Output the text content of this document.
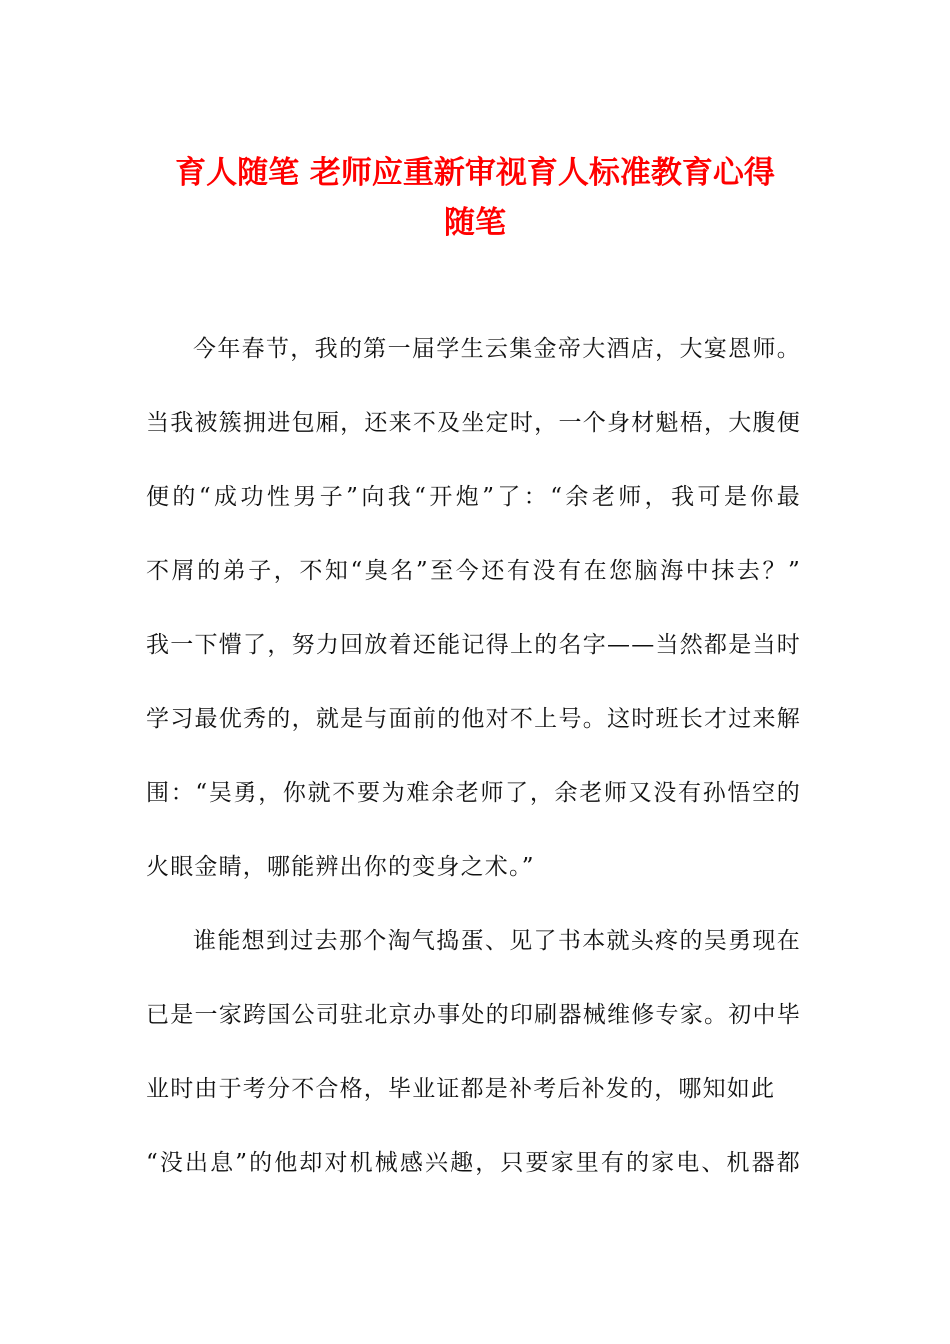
育人随笔 老师应重新审视育人标准教育心得
随笔
今年春节，我的第一届学生云集金帝大酒店，大宴恩师。
当我被簇拥进包厢，还来不及坐定时，一个身材魁梧，大腹便
便的“成功性男子”向我“开炮”了：“余老师，我可是你最
不屑的弟子，不知“臭名”至今还有没有在您脑海中抹去？”
我一下懵了，努力回放着还能记得上的名字——当然都是当时
学习最优秀的，就是与面前的他对不上号。这时班长才过来解
围：“吴勇，你就不要为难余老师了，余老师又没有孙悟空的
火眼金睛，哪能辨出你的变身之术。”
谁能想到过去那个淘气捣蛋、见了书本就头疼的吴勇现在
已是一家跨国公司驻北京办事处的印刷器械维修专家。初中毕
业时由于考分不合格，毕业证都是补考后补发的，哪知如此
“没出息”的他却对机械感兴趣，只要家里有的家电、机器都
